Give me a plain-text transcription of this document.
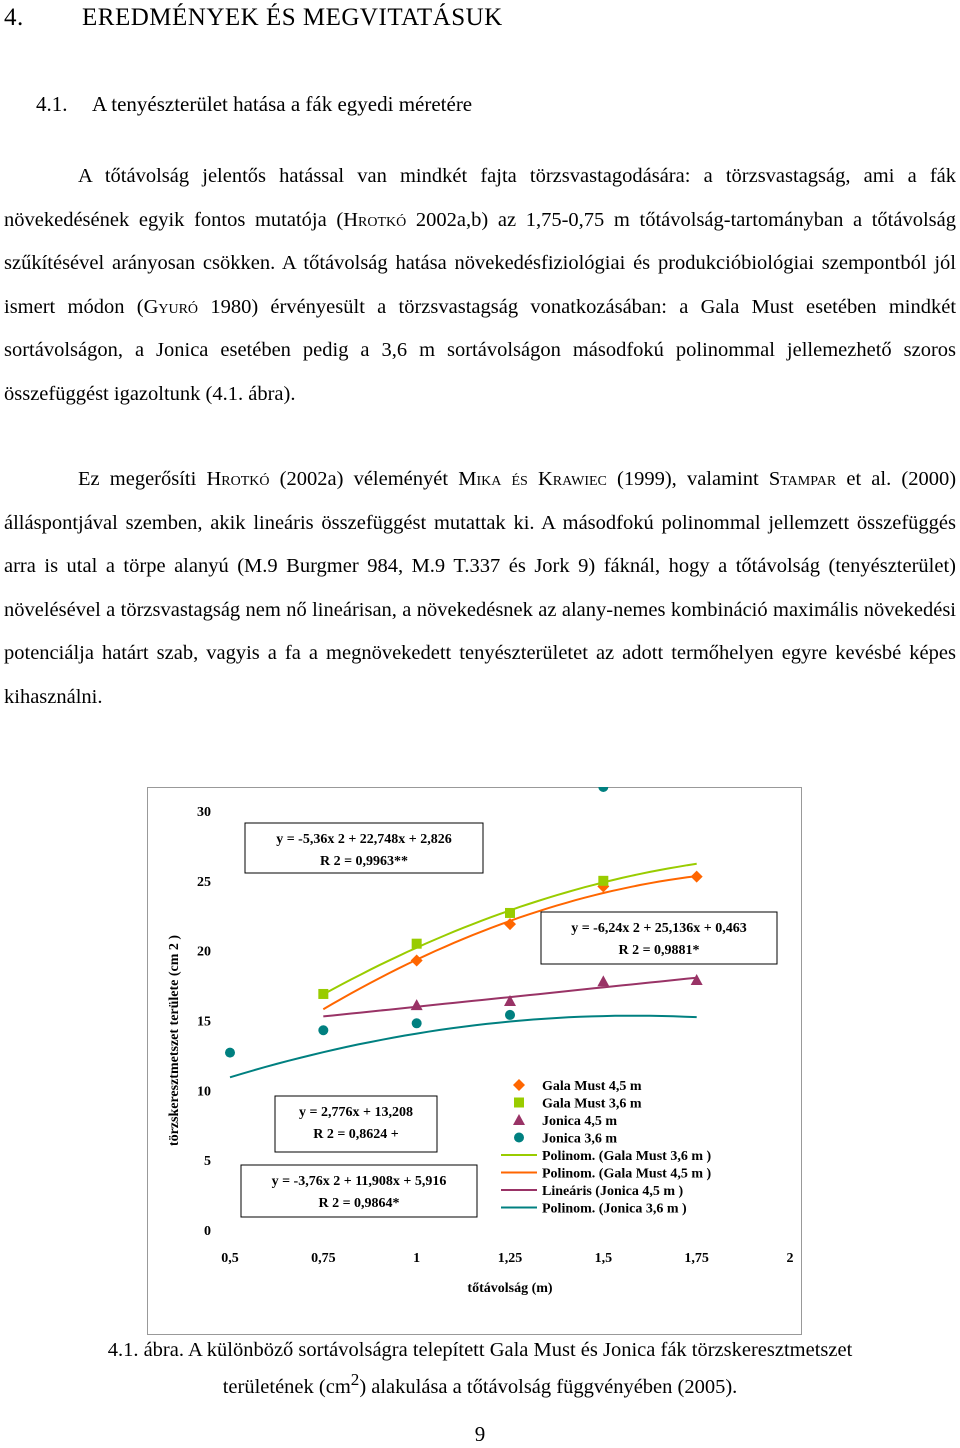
4. EREDMÉNYEK ÉS MEGVITATÁSUK
4.1. A tenyészterület hatása a fák egyedi méretére
A tőtávolság jelentős hatással van mindkét fajta törzsvastagodására: a törzsvastagság, ami a fák növekedésének egyik fontos mutatója (Hrotkó 2002a,b) az 1,75-0,75 m tőtávolság-tartományban a tőtávolság szűkítésével arányosan csökken. A tőtávolság hatása növekedésfiziológiai és produkcióbiológiai szempontból jól ismert módon (Gyuró 1980) érvényesült a törzsvastagság vonatkozásában: a Gala Must esetében mindkét sortávolságon, a Jonica esetében pedig a 3,6 m sortávolságon másodfokú polinommal jellemezhető szoros összefüggést igazoltunk (4.1. ábra).
Ez megerősíti Hrotkó (2002a) véleményét Mika és Krawiec (1999), valamint Stampar et al. (2000) álláspontjával szemben, akik lineáris összefüggést mutattak ki. A másodfokú polinommal jellemzett összefüggés arra is utal a törpe alanyú (M.9 Burgmer 984, M.9 T.337 és Jork 9) fáknál, hogy a tőtávolság (tenyészterület) növelésével a törzsvastagság nem nő lineárisan, a növekedésnek az alany-nemes kombináció maximális növekedési potenciálja határt szab, vagyis a fa a megnövekedett tenyészterületet az adott termőhelyen egyre kevésbé képes kihasználni.
0
5
10
15
20
25
30
0,5	0,75	1	1,25	1,5	1,75	2
tőtávolság (m)
törzskeresztmetszet területe (cm 2 )
y = -5,36x 2 + 22,748x + 2,826
R 2 = 0,9963**
y = -6,24x 2 + 25,136x + 0,463
R 2 = 0,9881*
y = 2,776x + 13,208
R 2 = 0,8624 +
y = -3,76x 2 + 11,908x + 5,916
R 2 = 0,9864*
Gala Must 4,5 m
Gala Must 3,6 m
Jonica 4,5 m
Jonica 3,6 m
Polinom. (Gala Must 3,6 m )
Polinom. (Gala Must 4,5 m )
Lineáris (Jonica 4,5 m )
Polinom. (Jonica 3,6 m )
4.1. ábra. A különböző sortávolságra telepített Gala Must és Jonica fák törzskeresztmetszet
területének $(cm^2)$ alakulása a tőtávolság függvényében (2005).
9
